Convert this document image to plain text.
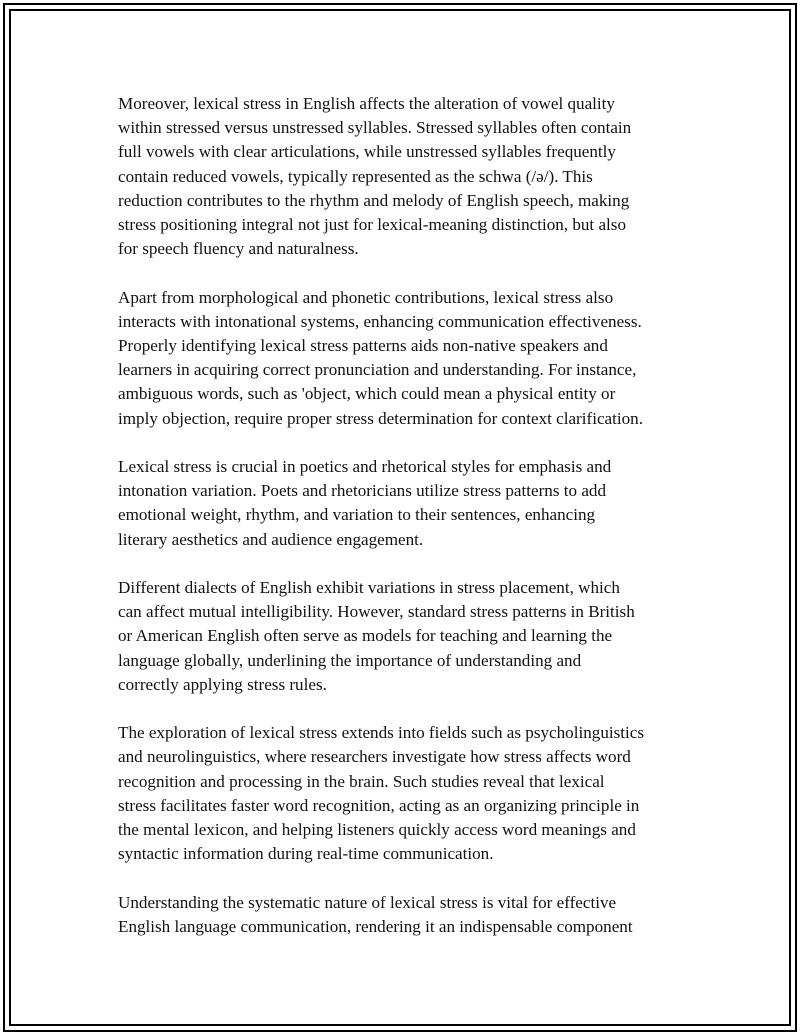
Moreover, lexical stress in English affects the alteration of vowel quality
within stressed versus unstressed syllables. Stressed syllables often contain
full vowels with clear articulations, while unstressed syllables frequently
contain reduced vowels, typically represented as the schwa (/ə/). This
reduction contributes to the rhythm and melody of English speech, making
stress positioning integral not just for lexical-meaning distinction, but also
for speech fluency and naturalness.

Apart from morphological and phonetic contributions, lexical stress also
interacts with intonational systems, enhancing communication effectiveness.
Properly identifying lexical stress patterns aids non-native speakers and
learners in acquiring correct pronunciation and understanding. For instance,
ambiguous words, such as 'object, which could mean a physical entity or
imply objection, require proper stress determination for context clarification.

Lexical stress is crucial in poetics and rhetorical styles for emphasis and
intonation variation. Poets and rhetoricians utilize stress patterns to add
emotional weight, rhythm, and variation to their sentences, enhancing
literary aesthetics and audience engagement.

Different dialects of English exhibit variations in stress placement, which
can affect mutual intelligibility. However, standard stress patterns in British
or American English often serve as models for teaching and learning the
language globally, underlining the importance of understanding and
correctly applying stress rules.

The exploration of lexical stress extends into fields such as psycholinguistics
and neurolinguistics, where researchers investigate how stress affects word
recognition and processing in the brain. Such studies reveal that lexical
stress facilitates faster word recognition, acting as an organizing principle in
the mental lexicon, and helping listeners quickly access word meanings and
syntactic information during real-time communication.

Understanding the systematic nature of lexical stress is vital for effective
English language communication, rendering it an indispensable component
